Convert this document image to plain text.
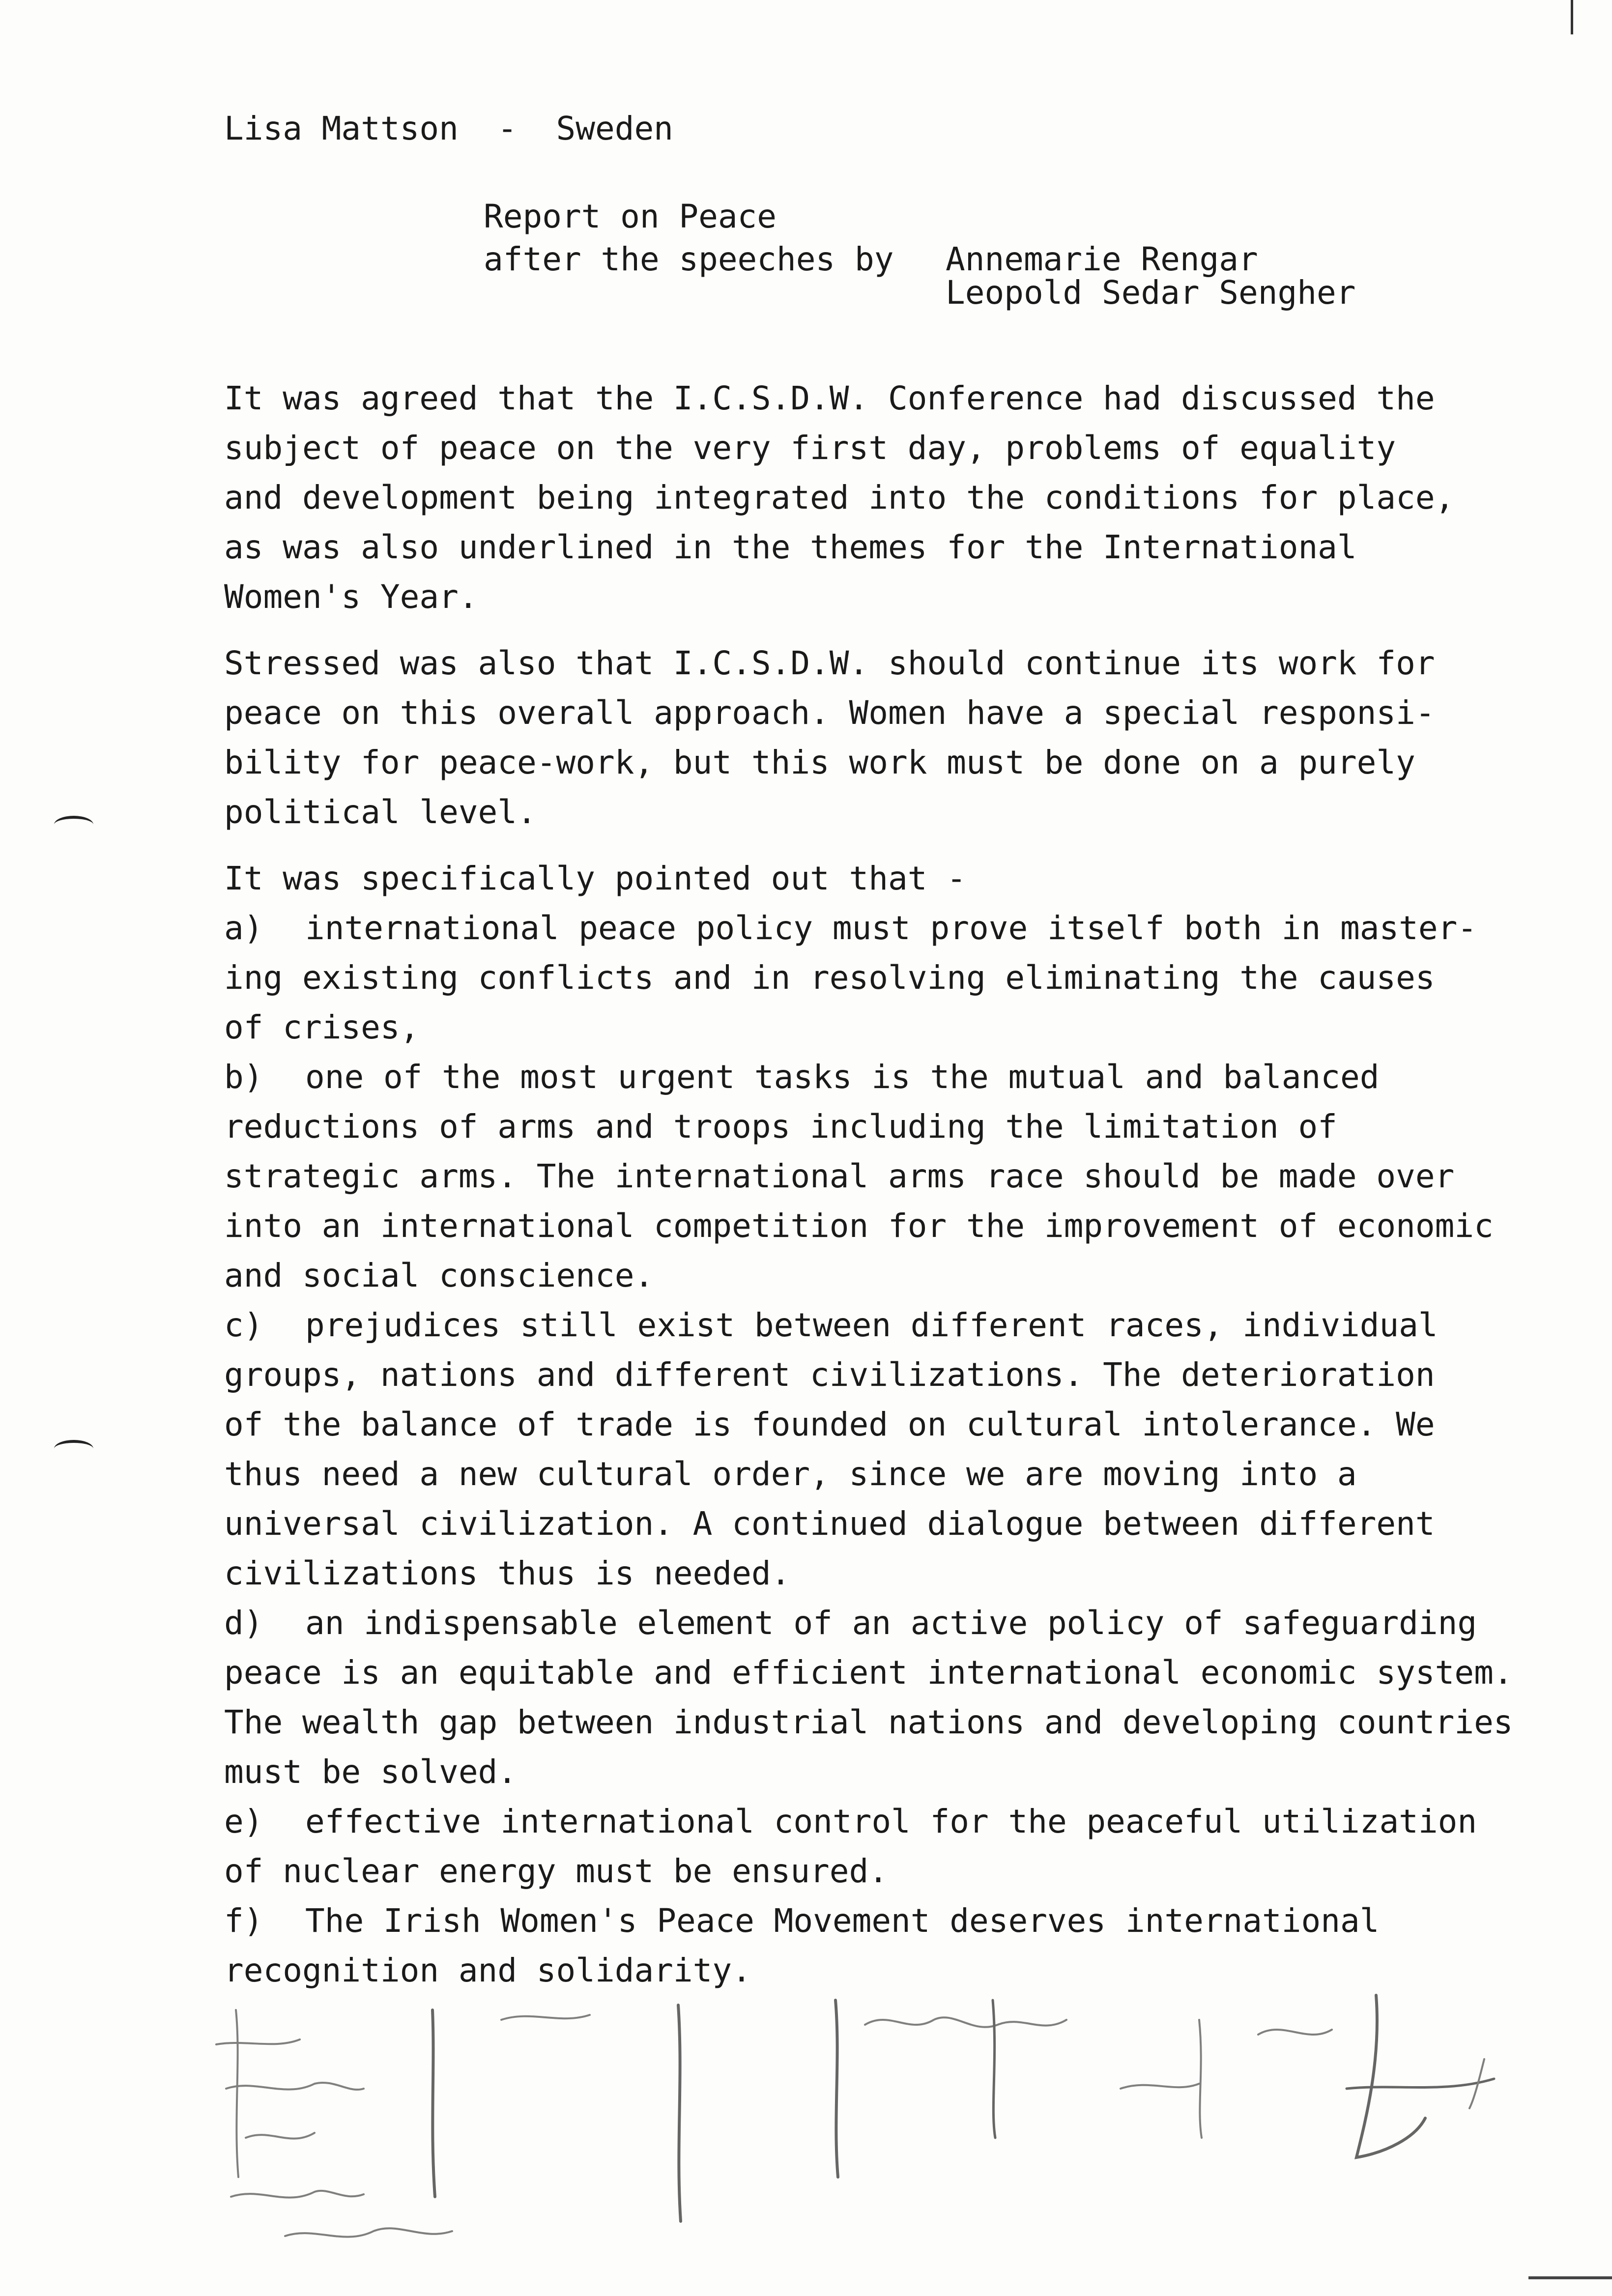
Lisa Mattson  -  Sweden
Report on Peace
after the speeches by Annemarie Rengar
Leopold Sedar Sengher

It was agreed that the I.C.S.D.W. Conference had discussed the
subject of peace on the very first day, problems of equality
and development being integrated into the conditions for place,
as was also underlined in the themes for the International
Women's Year.

Stressed was also that I.C.S.D.W. should continue its work for
peace on this overall approach. Women have a special responsi-
bility for peace-work, but this work must be done on a purely
political level.

It was specifically pointed out that -

a) international peace policy must prove itself both in master-
ing existing conflicts and in resolving eliminating the causes
of crises,

b) one of the most urgent tasks is the mutual and balanced
reductions of arms and troops including the limitation of
strategic arms. The international arms race should be made over
into an international competition for the improvement of economic
and social conscience.

c) prejudices still exist between different races, individual
groups, nations and different civilizations. The deterioration
of the balance of trade is founded on cultural intolerance. We
thus need a new cultural order, since we are moving into a
universal civilization. A continued dialogue between different
civilizations thus is needed.

d) an indispensable element of an active policy of safeguarding
peace is an equitable and efficient international economic system.
The wealth gap between industrial nations and developing countries
must be solved.

e) effective international control for the peaceful utilization
of nuclear energy must be ensured.

f) The Irish Women's Peace Movement deserves international
recognition and solidarity.
